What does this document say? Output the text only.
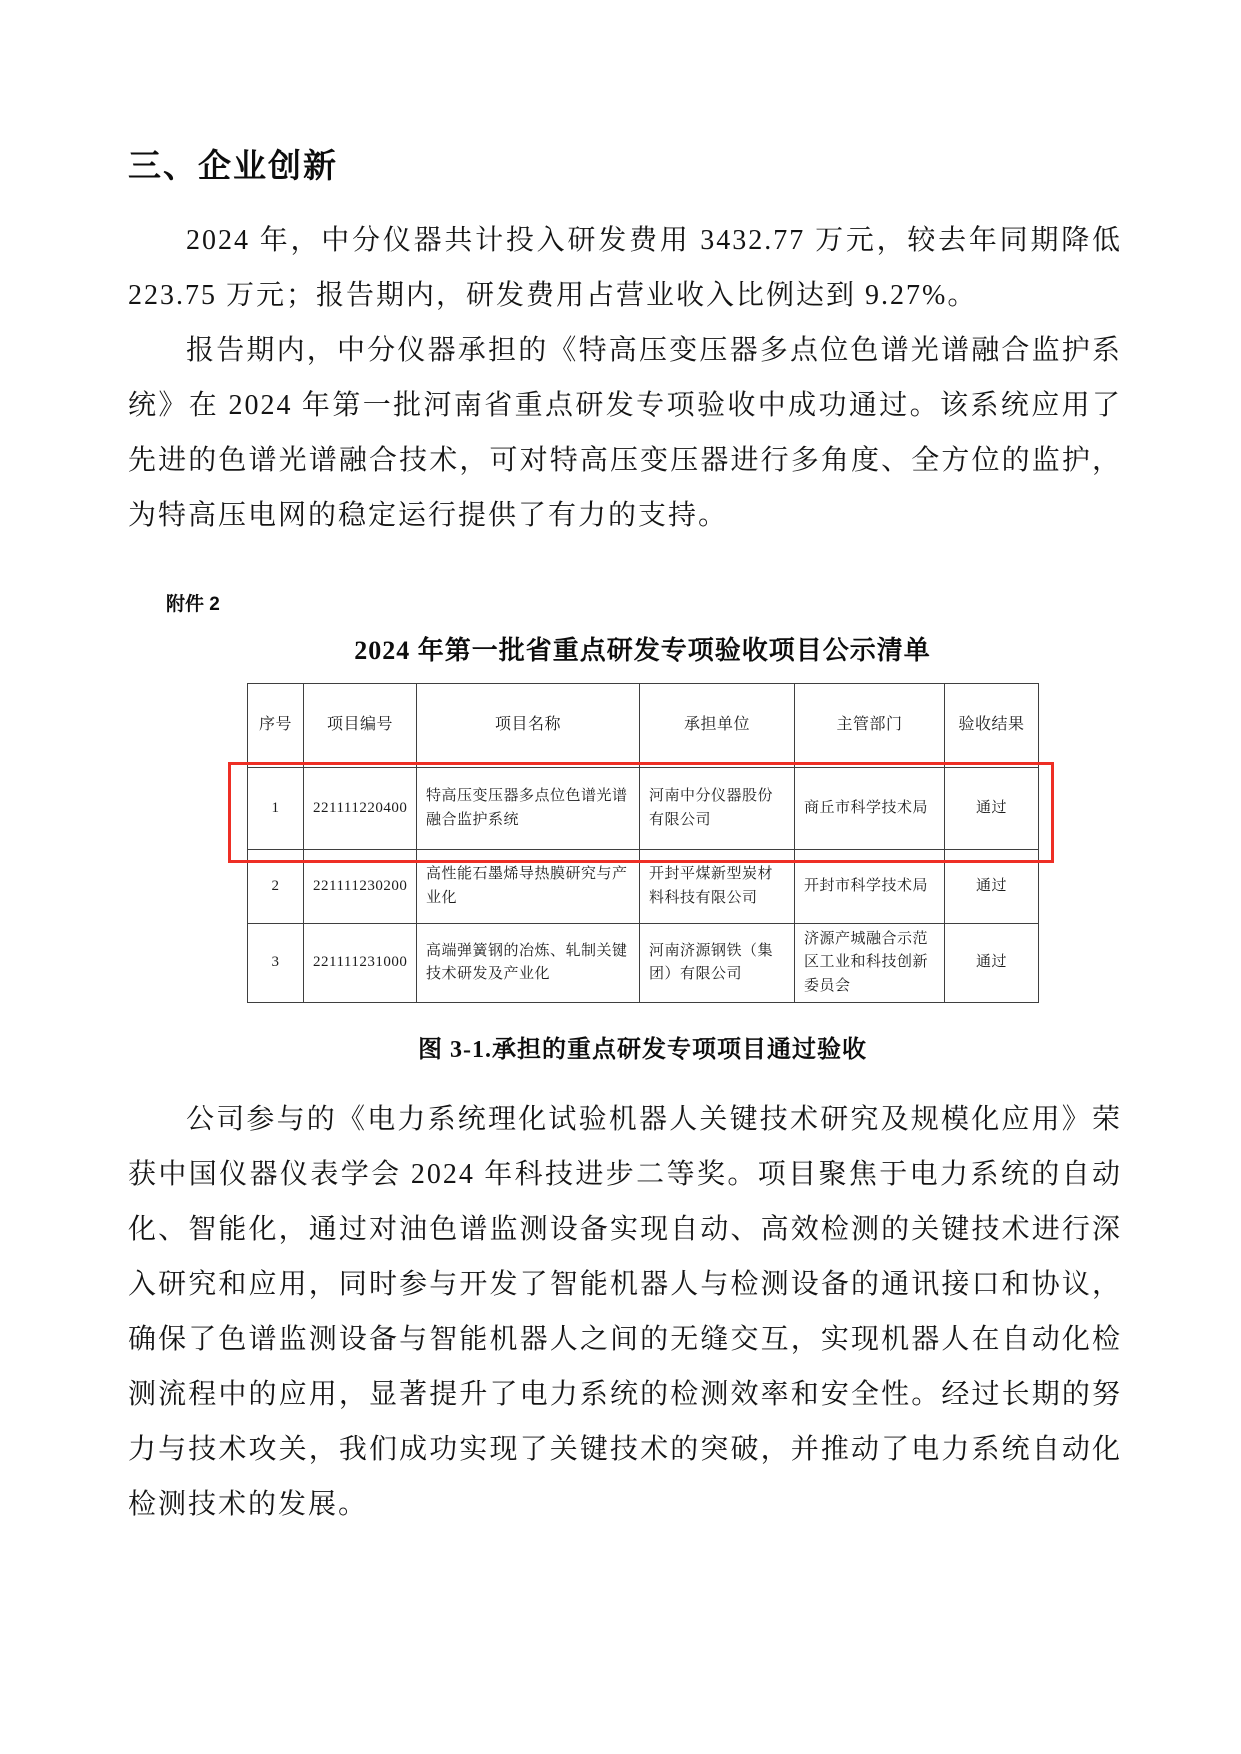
三、企业创新

2024 年，中分仪器共计投入研发费用 3432.77 万元，较去年同期降低 223.75 万元；报告期内，研发费用占营业收入比例达到 9.27%。

报告期内，中分仪器承担的《特高压变压器多点位色谱光谱融合监护系统》在 2024 年第一批河南省重点研发专项验收中成功通过。该系统应用了先进的色谱光谱融合技术，可对特高压变压器进行多角度、全方位的监护，为特高压电网的稳定运行提供了有力的支持。

附件 2
2024 年第一批省重点研发专项验收项目公示清单
序号	项目编号	项目名称	承担单位	主管部门	验收结果
1	221111220400	特高压变压器多点位色谱光谱融合监护系统	河南中分仪器股份有限公司	商丘市科学技术局	通过
2	221111230200	高性能石墨烯导热膜研究与产业化	开封平煤新型炭材料科技有限公司	开封市科学技术局	通过
3	221111231000	高端弹簧钢的冶炼、轧制关键技术研发及产业化	河南济源钢铁（集团）有限公司	济源产城融合示范区工业和科技创新委员会	通过
图 3-1.承担的重点研发专项项目通过验收

公司参与的《电力系统理化试验机器人关键技术研究及规模化应用》荣获中国仪器仪表学会 2024 年科技进步二等奖。项目聚焦于电力系统的自动化、智能化，通过对油色谱监测设备实现自动、高效检测的关键技术进行深入研究和应用，同时参与开发了智能机器人与检测设备的通讯接口和协议，确保了色谱监测设备与智能机器人之间的无缝交互，实现机器人在自动化检测流程中的应用，显著提升了电力系统的检测效率和安全性。经过长期的努力与技术攻关，我们成功实现了关键技术的突破，并推动了电力系统自动化检测技术的发展。
